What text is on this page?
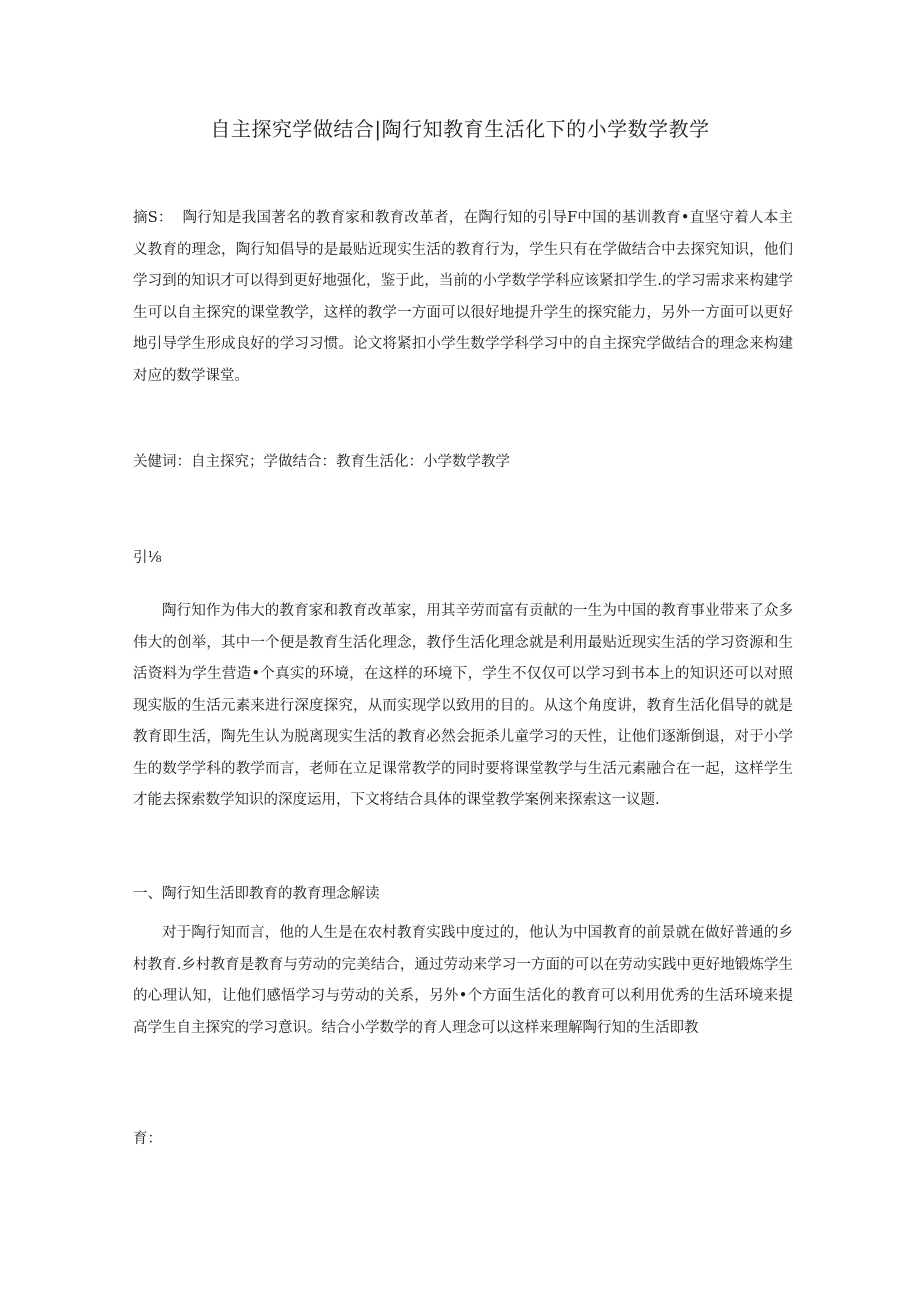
自主探究学做结合|陶行知教育生活化下的小学数学教学

摘S： 陶行知是我国著名的教育家和教育改革者，在陶行知的引导F中国的基训教育•直坚守着人本主义教育的理念，陶行知倡导的是最贴近现实生活的教育行为，学生只有在学做结合中去探究知识，他们学习到的知识才可以得到更好地强化，鉴于此，当前的小学数学学科应该紧扣学生.的学习需求来构建学生可以自主探究的课堂教学，这样的教学一方面可以很好地提升学生的探究能力，另外一方面可以更好地引导学生形成良好的学习习惯。论文将紧扣小学生数学学科学习中的自主探究学做结合的理念来构建对应的数学课堂。

关健词：自主探究；学做结合：教育生活化：小学数学教学

引⅛

陶行知作为伟大的教育家和教育改革家，用其辛劳而富有贡献的一生为中国的教育事业带来了众多伟大的创举，其中一个便是教育生活化理念，教伃生活化理念就是利用最贴近现实生活的学习资源和生活资料为学生营造•个真实的环境，在这样的环境下，学生不仅仅可以学习到书本上的知识还可以对照现实版的生活元素来进行深度探究，从而实现学以致用的目的。从这个角度讲，教育生活化倡导的就是教育即生活，陶先生认为脱离现实生活的教育必然会扼杀儿童学习的天性，让他们逐渐倒退，对于小学生的数学学科的教学而言，老师在立足课常教学的同时要将课堂教学与生活元素融合在一起，这样学生才能去探索数学知识的深度运用，下文将结合具体的课堂教学案例来探索这一议题.

一、陶行知生活即教育的教育理念解读

对于陶行知而言，他的人生是在农村教育实践中度过的，他认为中国教育的前景就在做好普通的乡村教育.乡村教育是教育与劳动的完美结合，通过劳动来学习一方面的可以在劳动实践中更好地锻炼学生的心理认知，让他们感悟学习与劳动的关系，另外•个方面生活化的教育可以利用优秀的生活环境来提高学生自主探究的学习意识。结合小学数学的育人理念可以这样来理解陶行知的生活即教

育：
